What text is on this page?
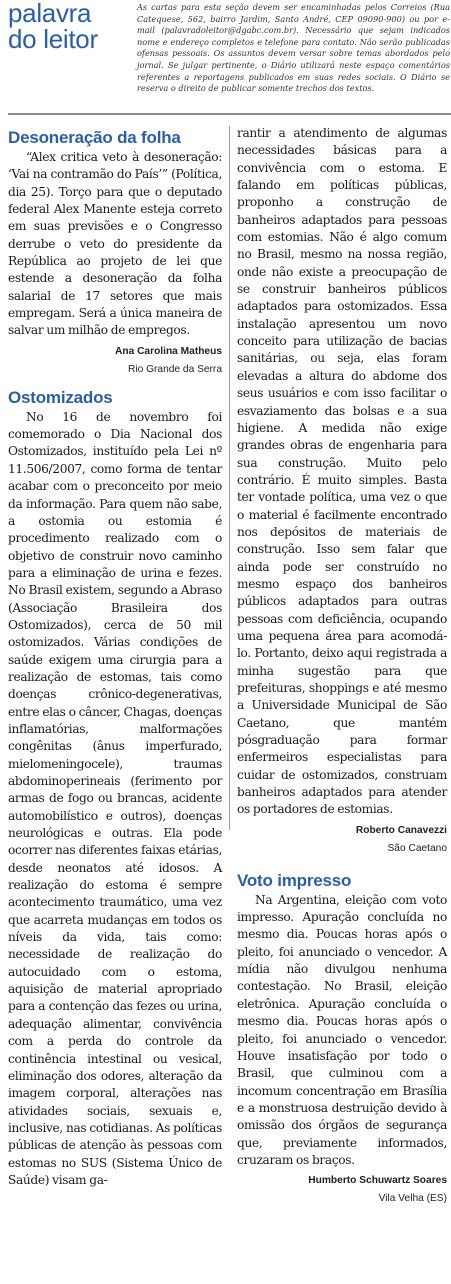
palavra
do leitor
As cartas para esta seção devem ser encaminhadas pelos Correios (Rua Catequese, 562, bairro Jardim, Santo André, CEP 09090-900) ou por e-mail (palavradoleitor@dgabc.com.br). Necessário que sejam indicados nome e endereço completos e telefone para contato. Não serão publicadas ofensas pessoais. Os assuntos devem versar sobre temas abordados pelo jornal. Se julgar pertinente, o Diário utilizará neste espaço comentários referentes a reportagens publicados em suas redes sociais. O Diário se reserva o direito de publicar somente trechos dos textos.
Desoneração da folha

“Alex critica veto à desoneração: ‘Vai na contramão do País’” (Política, dia 25). Torço para que o deputado federal Alex Manente esteja correto em suas previsões e o Congresso derrube o veto do presidente da República ao projeto de lei que estende a desoneração da folha salarial de 17 setores que mais empregam. Será a única maneira de salvar um milhão de empregos.

Ana Carolina Matheus
Rio Grande da Serra
Ostomizados

No 16 de novembro foi comemorado o Dia Nacional dos Ostomizados, instituído pela Lei nº 11.506/2007, como forma de tentar acabar com o preconceito por meio da informação. Para quem não sabe, a ostomia ou estomia é procedimento realizado com o objetivo de construir novo caminho para a eliminação de urina e fezes. No Brasil existem, segundo a Abraso (Associação Brasileira dos Ostomizados), cerca de 50 mil ostomizados. Várias condições de saúde exigem uma cirurgia para a realização de estomas, tais como doenças crônico-degenerativas, entre elas o câncer, Chagas, doenças inflamatórias, malformações congênitas (ânus imperfurado, mielomeningocele), traumas abdominoperineais (ferimento por armas de fogo ou brancas, acidente automobilístico e outros), doenças neurológicas e outras. Ela pode ocorrer nas diferentes faixas etárias, desde neonatos até idosos. A realização do estoma é sempre acontecimento traumático, uma vez que acarreta mudanças em todos os níveis da vida, tais como: necessidade de realização do autocuidado com o estoma, aquisição de material apropriado para a contenção das fezes ou urina, adequação alimentar, convivência com a perda do controle da continência intestinal ou vesical, eliminação dos odores, alteração da imagem corporal, alterações nas atividades sociais, sexuais e, inclusive, nas cotidianas. As políticas públicas de atenção às pessoas com estomas no SUS (Sistema Único de Saúde) visam ga-

rantir a atendimento de algumas necessidades básicas para a convivência com o estoma. E falando em políticas públicas, proponho a construção de banheiros adaptados para pessoas com estomias. Não é algo comum no Brasil, mesmo na nossa região, onde não existe a preocupação de se construir banheiros públicos adaptados para ostomizados. Essa instalação apresentou um novo conceito para utilização de bacias sanitárias, ou seja, elas foram elevadas a altura do abdome dos seus usuários e com isso facilitar o esvaziamento das bolsas e a sua higiene. A medida não exige grandes obras de engenharia para sua construção. Muito pelo contrário. É muito simples. Basta ter vontade política, uma vez o que o material é facilmente encontrado nos depósitos de materiais de construção. Isso sem falar que ainda pode ser construído no mesmo espaço dos banheiros públicos adaptados para outras pessoas com deficiência, ocupando uma pequena área para acomodá-lo. Portanto, deixo aqui registrada a minha sugestão para que prefeituras, shoppings e até mesmo a Universidade Municipal de São Caetano, que mantém pósgraduação para formar enfermeiros especialistas para cuidar de ostomizados, construam banheiros adaptados para atender os portadores de estomias.

Roberto Canavezzi
São Caetano
Voto impresso

Na Argentina, eleição com voto impresso. Apuração concluída no mesmo dia. Poucas horas após o pleito, foi anunciado o vencedor. A mídia não divulgou nenhuma contestação. No Brasil, eleição eletrônica. Apuração concluída o mesmo dia. Poucas horas após o pleito, foi anunciado o vencedor. Houve insatisfação por todo o Brasil, que culminou com a incomum concentração em Brasília e a monstruosa destruição devido à omissão dos órgãos de segurança que, previamente informados, cruzaram os braços.

Humberto Schuwartz Soares
Vila Velha (ES)
